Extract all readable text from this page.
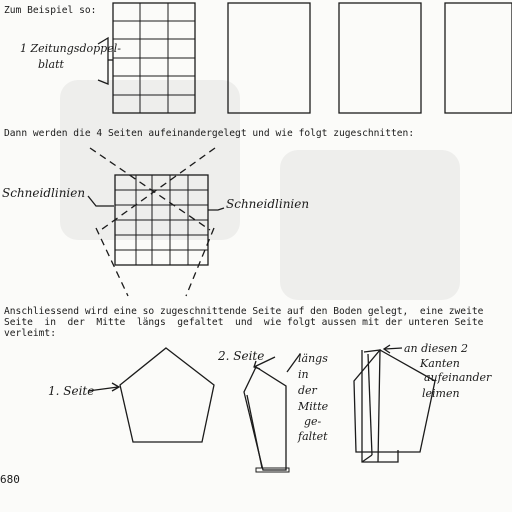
Zum Beispiel so:
Dann werden die 4 Seiten aufeinandergelegt und wie folgt zugeschnitten:
Anschliessend wird eine so zugeschnittende Seite auf den Boden gelegt,  eine zweite
Seite  in  der  Mitte  längs  gefaltet  und  wie folgt aussen mit der unteren Seite
verleimt:
680
1 Zeitungsdoppel-
blatt
Schneidlinien
Schneidlinien
1. Seite
2. Seite	längs
in
der
Mitte
ge-
faltet
an diesen 2
Kanten
aufeinander
leimen
